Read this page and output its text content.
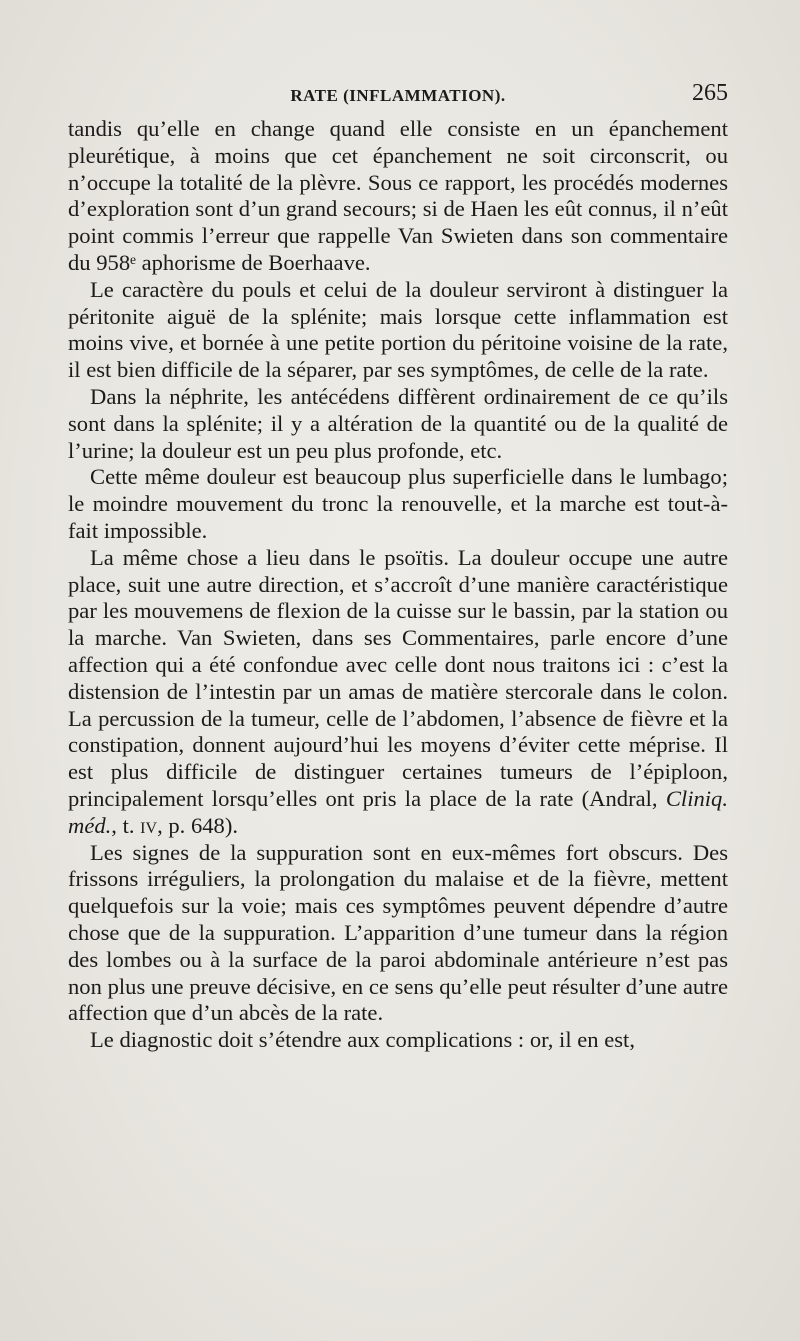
RATE (INFLAMMATION).	265

tandis qu’elle en change quand elle consiste en un épanchement pleurétique, à moins que cet épanchement ne soit circonscrit, ou n’occupe la totalité de la plèvre. Sous ce rapport, les procédés modernes d’exploration sont d’un grand secours; si de Haen les eût connus, il n’eût point commis l’erreur que rappelle Van Swieten dans son commentaire du 958ᵉ aphorisme de Boerhaave.

Le caractère du pouls et celui de la douleur serviront à distinguer la péritonite aiguë de la splénite; mais lorsque cette inflammation est moins vive, et bornée à une petite portion du péritoine voisine de la rate, il est bien difficile de la séparer, par ses symptômes, de celle de la rate.

Dans la néphrite, les antécédens diffèrent ordinairement de ce qu’ils sont dans la splénite; il y a altération de la quantité ou de la qualité de l’urine; la douleur est un peu plus profonde, etc.

Cette même douleur est beaucoup plus superficielle dans le lumbago; le moindre mouvement du tronc la renouvelle, et la marche est tout-à-fait impossible.

La même chose a lieu dans le psoïtis. La douleur occupe une autre place, suit une autre direction, et s’accroît d’une manière caractéristique par les mouvemens de flexion de la cuisse sur le bassin, par la station ou la marche. Van Swieten, dans ses Commentaires, parle encore d’une affection qui a été confondue avec celle dont nous traitons ici : c’est la distension de l’intestin par un amas de matière stercorale dans le colon. La percussion de la tumeur, celle de l’abdomen, l’absence de fièvre et la constipation, donnent aujourd’hui les moyens d’éviter cette méprise. Il est plus difficile de distinguer certaines tumeurs de l’épiploon, principalement lorsqu’elles ont pris la place de la rate (Andral, Cliniq. méd., t. iv, p. 648).

Les signes de la suppuration sont en eux-mêmes fort obscurs. Des frissons irréguliers, la prolongation du malaise et de la fièvre, mettent quelquefois sur la voie; mais ces symptômes peuvent dépendre d’autre chose que de la suppuration. L’apparition d’une tumeur dans la région des lombes ou à la surface de la paroi abdominale antérieure n’est pas non plus une preuve décisive, en ce sens qu’elle peut résulter d’une autre affection que d’un abcès de la rate.

Le diagnostic doit s’étendre aux complications : or, il en est,
